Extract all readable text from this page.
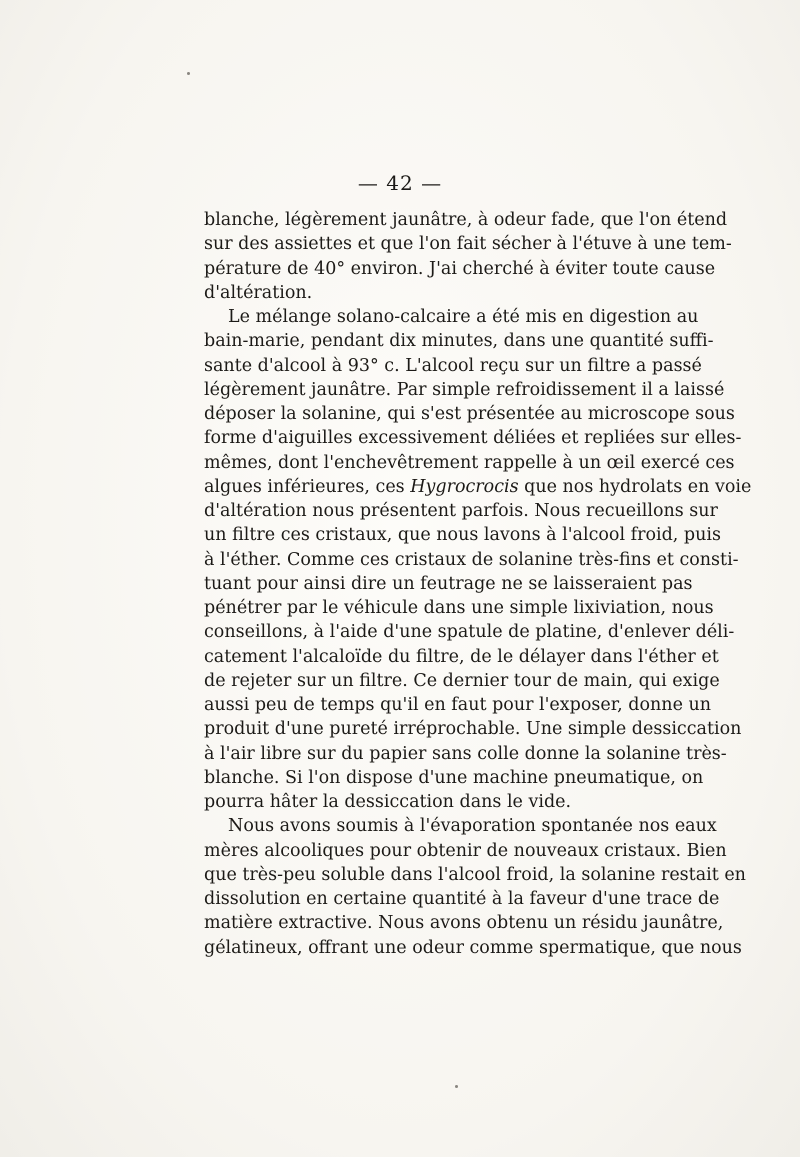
— 42 —
blanche, légèrement jaunâtre, à odeur fade, que l'on étend
sur des assiettes et que l'on fait sécher à l'étuve à une tem-
pérature de 40° environ. J'ai cherché à éviter toute cause
d'altération.
Le mélange solano-calcaire a été mis en digestion au
bain-marie, pendant dix minutes, dans une quantité suffi-
sante d'alcool à 93° c. L'alcool reçu sur un filtre a passé
légèrement jaunâtre. Par simple refroidissement il a laissé
déposer la solanine, qui s'est présentée au microscope sous
forme d'aiguilles excessivement déliées et repliées sur elles-
mêmes, dont l'enchevêtrement rappelle à un œil exercé ces
algues inférieures, ces Hygrocrocis que nos hydrolats en voie
d'altération nous présentent parfois. Nous recueillons sur
un filtre ces cristaux, que nous lavons à l'alcool froid, puis
à l'éther. Comme ces cristaux de solanine très-fins et consti-
tuant pour ainsi dire un feutrage ne se laisseraient pas
pénétrer par le véhicule dans une simple lixiviation, nous
conseillons, à l'aide d'une spatule de platine, d'enlever déli-
catement l'alcaloïde du filtre, de le délayer dans l'éther et
de rejeter sur un filtre. Ce dernier tour de main, qui exige
aussi peu de temps qu'il en faut pour l'exposer, donne un
produit d'une pureté irréprochable. Une simple dessiccation
à l'air libre sur du papier sans colle donne la solanine très-
blanche. Si l'on dispose d'une machine pneumatique, on
pourra hâter la dessiccation dans le vide.
Nous avons soumis à l'évaporation spontanée nos eaux
mères alcooliques pour obtenir de nouveaux cristaux. Bien
que très-peu soluble dans l'alcool froid, la solanine restait en
dissolution en certaine quantité à la faveur d'une trace de
matière extractive. Nous avons obtenu un résidu jaunâtre,
gélatineux, offrant une odeur comme spermatique, que nous
